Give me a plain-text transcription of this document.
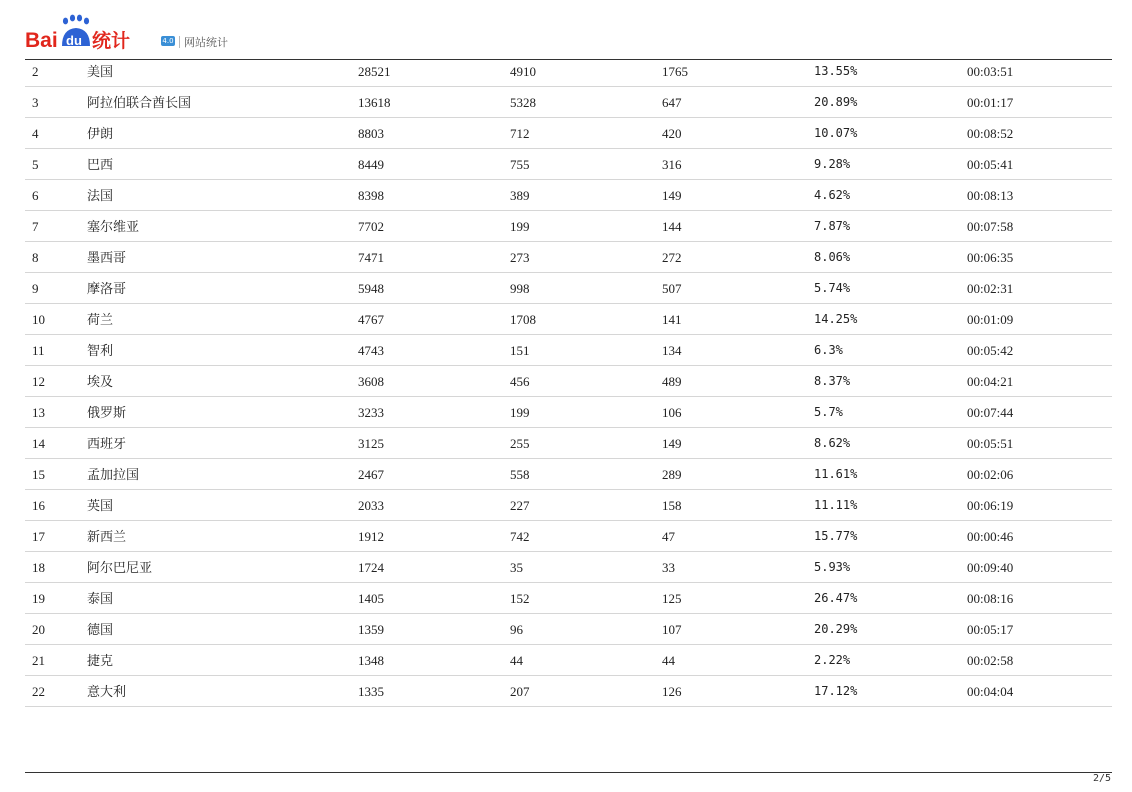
Bai du 统计	4.0 网站统计
2	美国	28521	4910	1765	13.55%	00:03:51
3	阿拉伯联合酋长国	13618	5328	647	20.89%	00:01:17
4	伊朗	8803	712	420	10.07%	00:08:52
5	巴西	8449	755	316	9.28%	00:05:41
6	法国	8398	389	149	4.62%	00:08:13
7	塞尔维亚	7702	199	144	7.87%	00:07:58
8	墨西哥	7471	273	272	8.06%	00:06:35
9	摩洛哥	5948	998	507	5.74%	00:02:31
10	荷兰	4767	1708	141	14.25%	00:01:09
11	智利	4743	151	134	6.3%	00:05:42
12	埃及	3608	456	489	8.37%	00:04:21
13	俄罗斯	3233	199	106	5.7%	00:07:44
14	西班牙	3125	255	149	8.62%	00:05:51
15	孟加拉国	2467	558	289	11.61%	00:02:06
16	英国	2033	227	158	11.11%	00:06:19
17	新西兰	1912	742	47	15.77%	00:00:46
18	阿尔巴尼亚	1724	35	33	5.93%	00:09:40
19	泰国	1405	152	125	26.47%	00:08:16
20	德国	1359	96	107	20.29%	00:05:17
21	捷克	1348	44	44	2.22%	00:02:58
22	意大利	1335	207	126	17.12%	00:04:04
2/5
